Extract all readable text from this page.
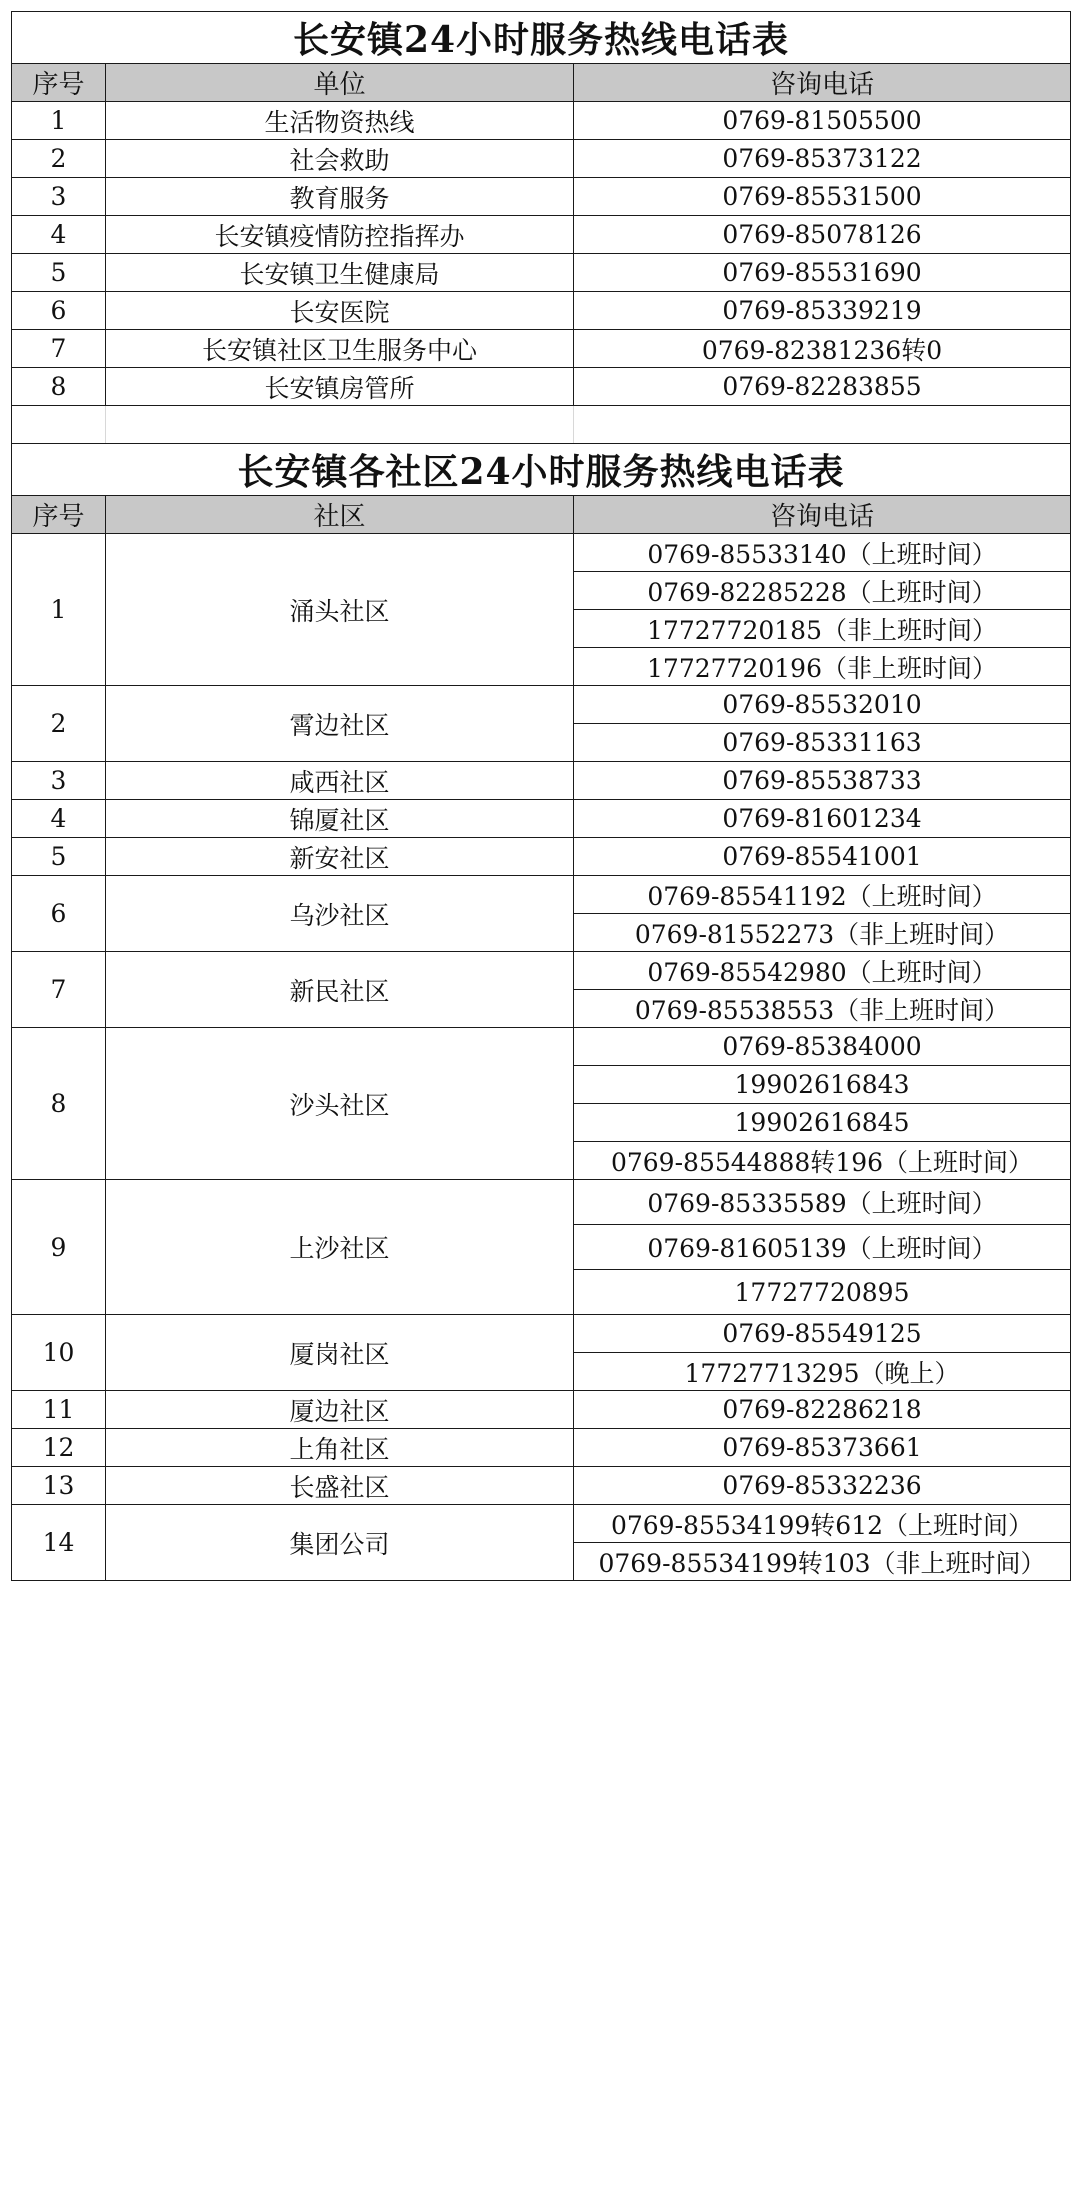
长安镇24小时服务热线电话表		
序号	单位	咨询电话
1	生活物资热线	0769-81505500
2	社会救助	0769-85373122
3	教育服务	0769-85531500
4	长安镇疫情防控指挥办	0769-85078126
5	长安镇卫生健康局	0769-85531690
6	长安医院	0769-85339219
7	长安镇社区卫生服务中心	0769-82381236转0
8	长安镇房管所	0769-82283855

长安镇各社区24小时服务热线电话表		
序号	社区	咨询电话
1	涌头社区	0769-85533140（上班时间）
		0769-82285228（上班时间）
		17727720185（非上班时间）
		17727720196（非上班时间）
2	霄边社区	0769-85532010
		0769-85331163
3	咸西社区	0769-85538733
4	锦厦社区	0769-81601234
5	新安社区	0769-85541001
6	乌沙社区	0769-85541192（上班时间）
		0769-81552273（非上班时间）
7	新民社区	0769-85542980（上班时间）
		0769-85538553（非上班时间）
8	沙头社区	0769-85384000
		19902616843
		19902616845
		0769-85544888转196（上班时间）
9	上沙社区	0769-85335589（上班时间）
		0769-81605139（上班时间）
		17727720895
10	厦岗社区	0769-85549125
		17727713295（晚上）
11	厦边社区	0769-82286218
12	上角社区	0769-85373661
13	长盛社区	0769-85332236
14	集团公司	0769-85534199转612（上班时间）
		0769-85534199转103（非上班时间）
